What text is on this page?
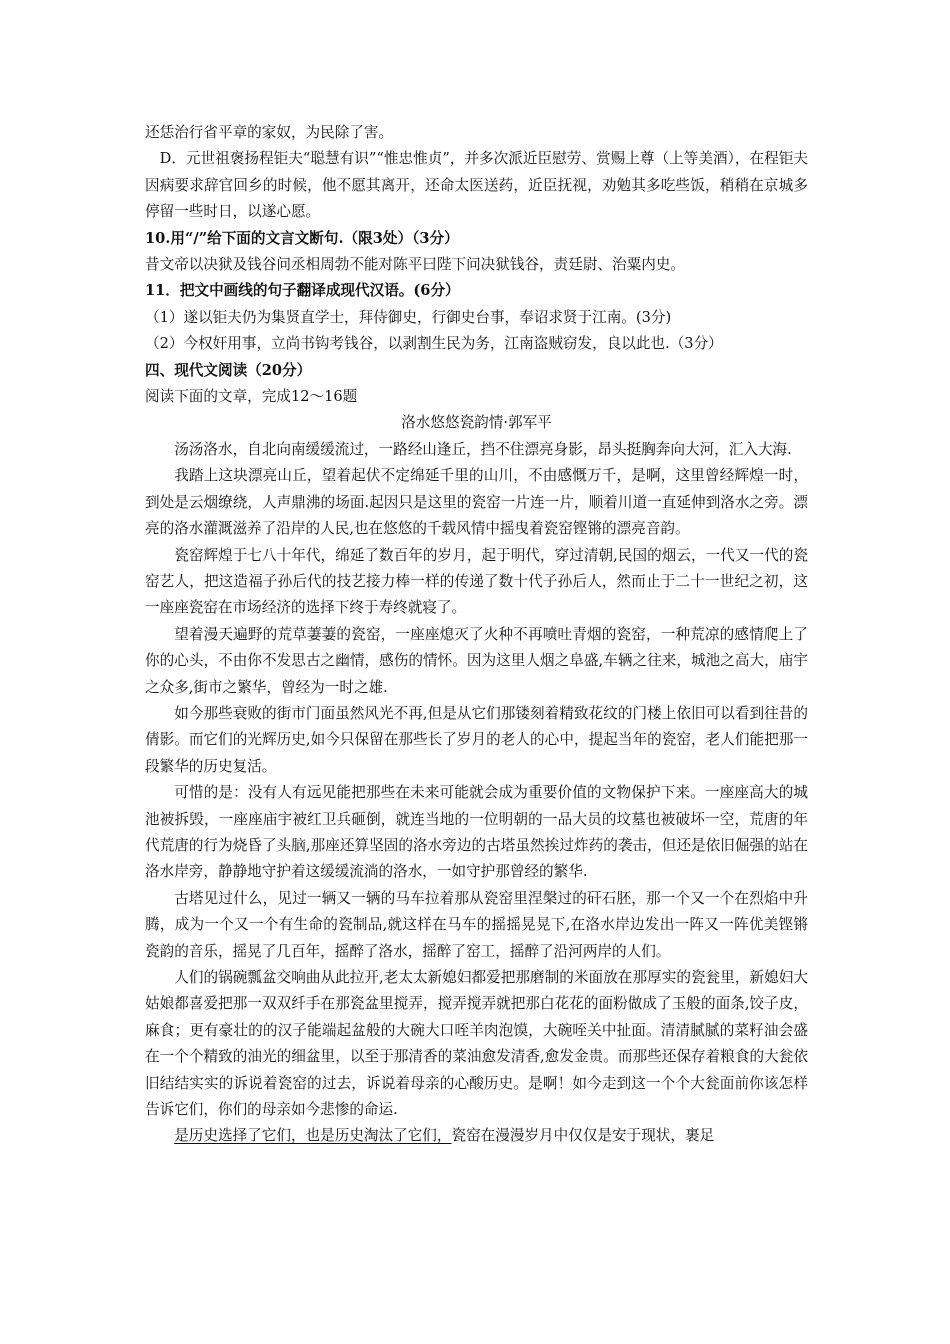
还恁治行省平章的家奴，为民除了害。

D．元世祖褒扬程钜夫“聪慧有识”“惟忠惟贞”，并多次派近臣慰劳、赏赐上尊（上等美酒），在程钜夫因病要求辞官回乡的时候，他不愿其离开，还命太医送药，近臣抚视，劝勉其多吃些饭，稍稍在京城多停留一些时日，以遂心愿。

10.用“/”给下面的文言文断句.（限3处）（3分）

昔文帝以决狱及钱谷问丞相周勃不能对陈平曰陛下问决狱钱谷，责廷尉、治粟内史。

11．把文中画线的句子翻译成现代汉语。(6分）

（1）遂以钜夫仍为集贤直学士，拜侍御史，行御史台事，奉诏求贤于江南。(3分)

（2）今权奸用事，立尚书钩考钱谷，以剥割生民为务，江南盗贼窃发，良以此也.（3分）

四、现代文阅读（20分）

阅读下面的文章，完成12～16题

洛水悠悠瓷韵情·郭军平

汤汤洛水，自北向南缓缓流过，一路经山逢丘，挡不住漂亮身影，昂头挺胸奔向大河，汇入大海.

我踏上这块漂亮山丘，望着起伏不定绵延千里的山川，不由感慨万千，是啊，这里曾经辉煌一时，到处是云烟缭绕，人声鼎沸的场面.起因只是这里的瓷窑一片连一片，顺着川道一直延伸到洛水之旁。漂亮的洛水灌溉滋养了沿岸的人民,也在悠悠的千载风情中摇曳着瓷窑铿锵的漂亮音韵。

瓷窑辉煌于七八十年代，绵延了数百年的岁月，起于明代，穿过清朝,民国的烟云，一代又一代的瓷窑艺人，把这造福子孙后代的技艺接力棒一样的传递了数十代子孙后人，然而止于二十一世纪之初，这一座座瓷窑在市场经济的选择下终于寿终就寝了。

望着漫天遍野的荒草萋萋的瓷窑，一座座熄灭了火种不再喷吐青烟的瓷窑，一种荒凉的感情爬上了你的心头，不由你不发思古之幽情，感伤的情怀。因为这里人烟之阜盛,车辆之往来，城池之高大，庙宇之众多,街市之繁华，曾经为一时之雄.

如今那些衰败的街市门面虽然风光不再,但是从它们那镂刻着精致花纹的门楼上依旧可以看到往昔的倩影。而它们的光辉历史,如今只保留在那些长了岁月的老人的心中，提起当年的瓷窑，老人们能把那一段繁华的历史复活。

可惜的是：没有人有远见能把那些在未来可能就会成为重要价值的文物保护下来。一座座高大的城池被拆毁，一座座庙宇被红卫兵砸倒，就连当地的一位明朝的一品大员的坟墓也被破坏一空，荒唐的年代荒唐的行为烧昏了头脑,那座还算坚固的洛水旁边的古塔虽然挨过炸药的袭击，但还是依旧倔强的站在洛水岸旁，静静地守护着这缓缓流淌的洛水，一如守护那曾经的繁华.

古塔见过什么，见过一辆又一辆的马车拉着那从瓷窑里涅槃过的矸石胚，那一个又一个在烈焰中升腾，成为一个又一个有生命的瓷制品,就这样在马车的摇摇晃晃下,在洛水岸边发出一阵又一阵优美铿锵瓷韵的音乐，摇晃了几百年，摇醉了洛水，摇醉了窑工，摇醉了沿河两岸的人们。

人们的锅碗瓢盆交响曲从此拉开,老太太新媳妇都爱把那磨制的米面放在那厚实的瓷瓮里，新媳妇大姑娘都喜爱把那一双双纤手在那瓷盆里搅弄，搅弄搅弄就把那白花花的面粉做成了玉般的面条,饺子皮，麻食；更有豪壮的的汉子能端起盆般的大碗大口咥羊肉泡馍，大碗咥关中扯面。清清腻腻的菜籽油会盛在一个个精致的油光的细盆里，以至于那清香的菜油愈发清香,愈发金贵。而那些还保存着粮食的大瓮依旧结结实实的诉说着瓷窑的过去，诉说着母亲的心酸历史。是啊！如今走到这一个个大瓮面前你该怎样告诉它们，你们的母亲如今悲惨的命运.

是历史选择了它们，也是历史淘汰了它们，瓷窑在漫漫岁月中仅仅是安于现状，裹足
